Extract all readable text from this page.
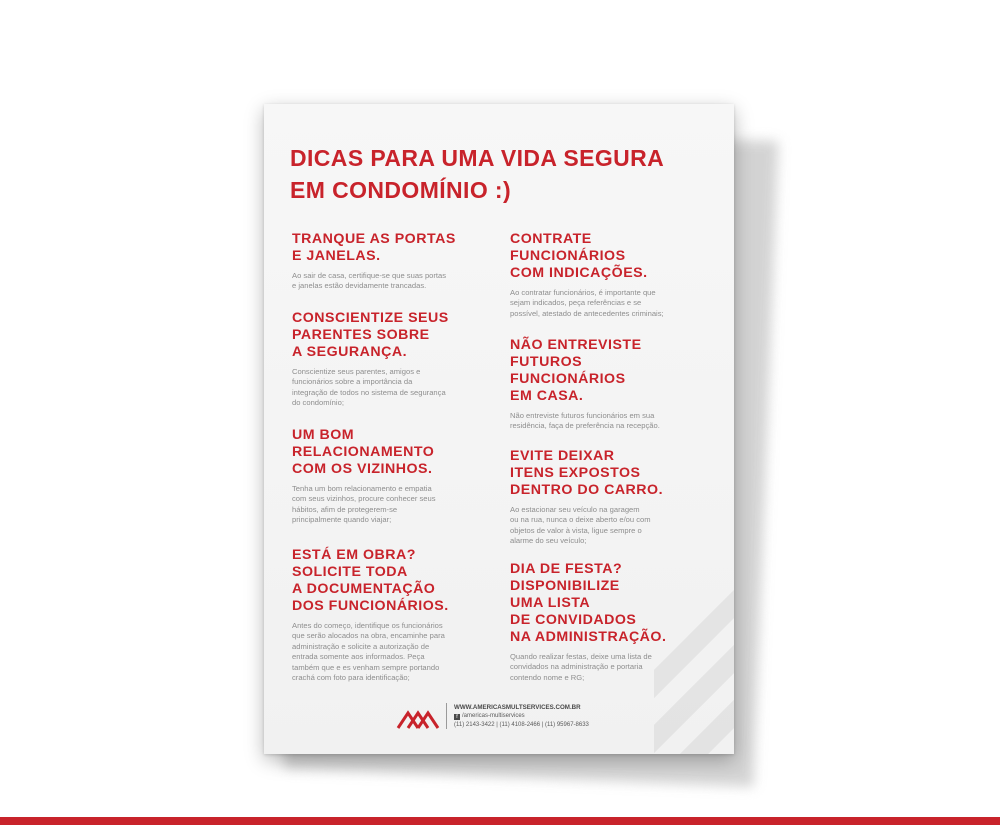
DICAS PARA UMA VIDA SEGURA
EM CONDOMÍNIO :)
TRANQUE AS PORTAS
E JANELAS.

Ao sair de casa, certifique-se que suas portas
e janelas estão devidamente trancadas.

CONSCIENTIZE SEUS
PARENTES SOBRE
A SEGURANÇA.

Conscientize seus parentes, amigos e
funcionários sobre a importância da
integração de todos no sistema de segurança
do condomínio;

UM BOM
RELACIONAMENTO
COM OS VIZINHOS.

Tenha um bom relacionamento e empatia
com seus vizinhos, procure conhecer seus
hábitos, afim de protegerem-se
principalmente quando viajar;

ESTÁ EM OBRA?
SOLICITE TODA
A DOCUMENTAÇÃO
DOS FUNCIONÁRIOS.

Antes do começo, identifique os funcionários
que serão alocados na obra, encaminhe para
administração e solicite a autorização de
entrada somente aos informados. Peça
também que e es venham sempre portando
crachá com foto para identificação;

CONTRATE
FUNCIONÁRIOS
COM INDICAÇÕES.

Ao contratar funcionários, é importante que
sejam indicados, peça referências e se
possível, atestado de antecedentes criminais;

NÃO ENTREVISTE
FUTUROS
FUNCIONÁRIOS
EM CASA.

Não entreviste futuros funcionários em sua
residência, faça de preferência na recepção.

EVITE DEIXAR
ITENS EXPOSTOS
DENTRO DO CARRO.

Ao estacionar seu veículo na garagem
ou na rua, nunca o deixe aberto e/ou com
objetos de valor à vista, ligue sempre o
alarme do seu veículo;

DIA DE FESTA?
DISPONIBILIZE
UMA LISTA
DE CONVIDADOS
NA ADMINISTRAÇÃO.

Quando realizar festas, deixe uma lista de
convidados na administração e portaria
contendo nome e RG;

WWW.AMERICASMULTSERVICES.COM.BR
f /americas-multiservices
(11) 2143-3422 | (11) 4108-2466 | (11) 95967-8633
